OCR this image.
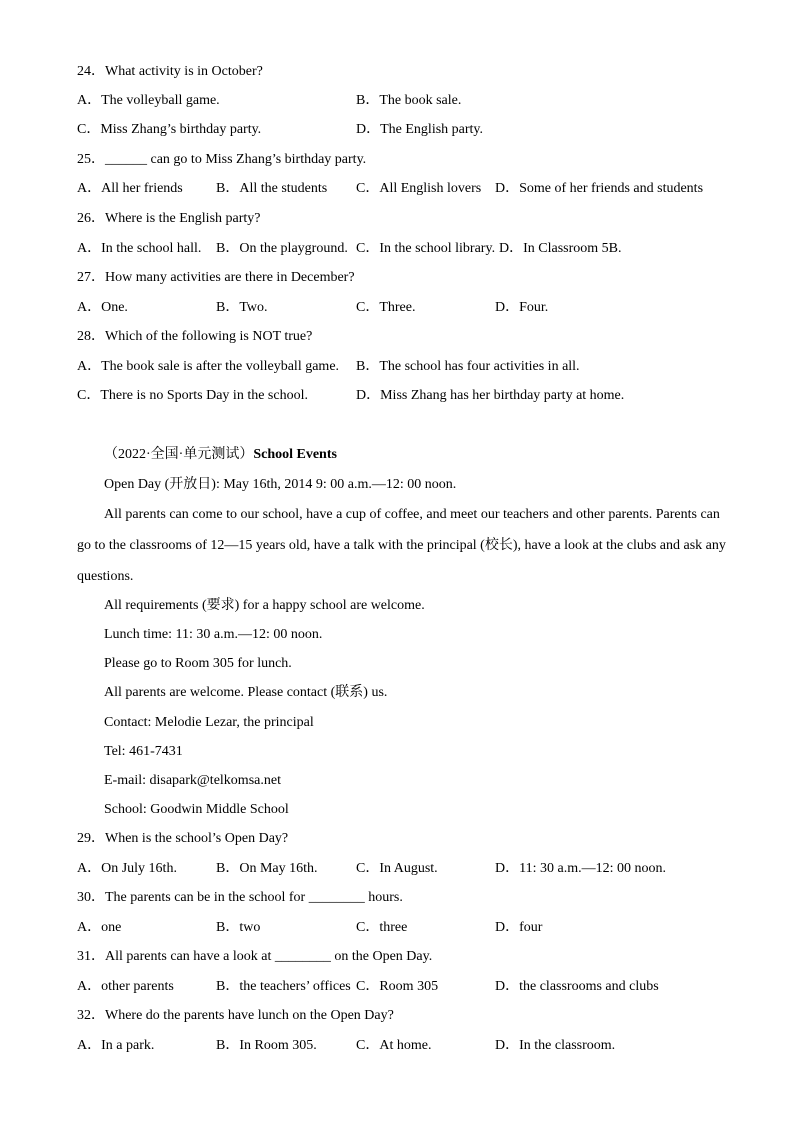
24．What activity is in October?
A．The volleyball game.	B．The book sale.
C．Miss Zhang’s birthday party.	D．The English party.
25．______ can go to Miss Zhang’s birthday party.
A．All her friends B．All the students C．All English lovers D．Some of her friends and students
26．Where is the English party?
A．In the school hall. B．On the playground. C．In the school library. D．In Classroom 5B.
27．How many activities are there in December?
A．One.	B．Two.	C．Three.	D．Four.
28．Which of the following is NOT true?
A．The book sale is after the volleyball game. B．The school has four activities in all.
C．There is no Sports Day in the school.	D．Miss Zhang has her birthday party at home.
（2022·全国·单元测试）School Events
Open Day (开放日): May 16th, 2014 9: 00 a.m.—12: 00 noon.
All parents can come to our school, have a cup of coffee, and meet our teachers and other parents. Parents can
go to the classrooms of 12—15 years old, have a talk with the principal (校长), have a look at the clubs and ask any
questions.
All requirements (要求) for a happy school are welcome.
Lunch time: 11: 30 a.m.—12: 00 noon.
Please go to Room 305 for lunch.
All parents are welcome. Please contact (联系) us.
Contact: Melodie Lezar, the principal
Tel: 461-7431
E-mail: disapark@telkomsa.net
School: Goodwin Middle School
29．When is the school’s Open Day?
A．On July 16th.	B．On May 16th.	C．In August.	D．11: 30 a.m.—12: 00 noon.
30．The parents can be in the school for ________ hours.
A．one	B．two	C．three	D．four
31．All parents can have a look at ________ on the Open Day.
A．other parents	B．the teachers’ offices C．Room 305	D．the classrooms and clubs
32．Where do the parents have lunch on the Open Day?
A．In a park.	B．In Room 305.	C．At home.	D．In the classroom.
